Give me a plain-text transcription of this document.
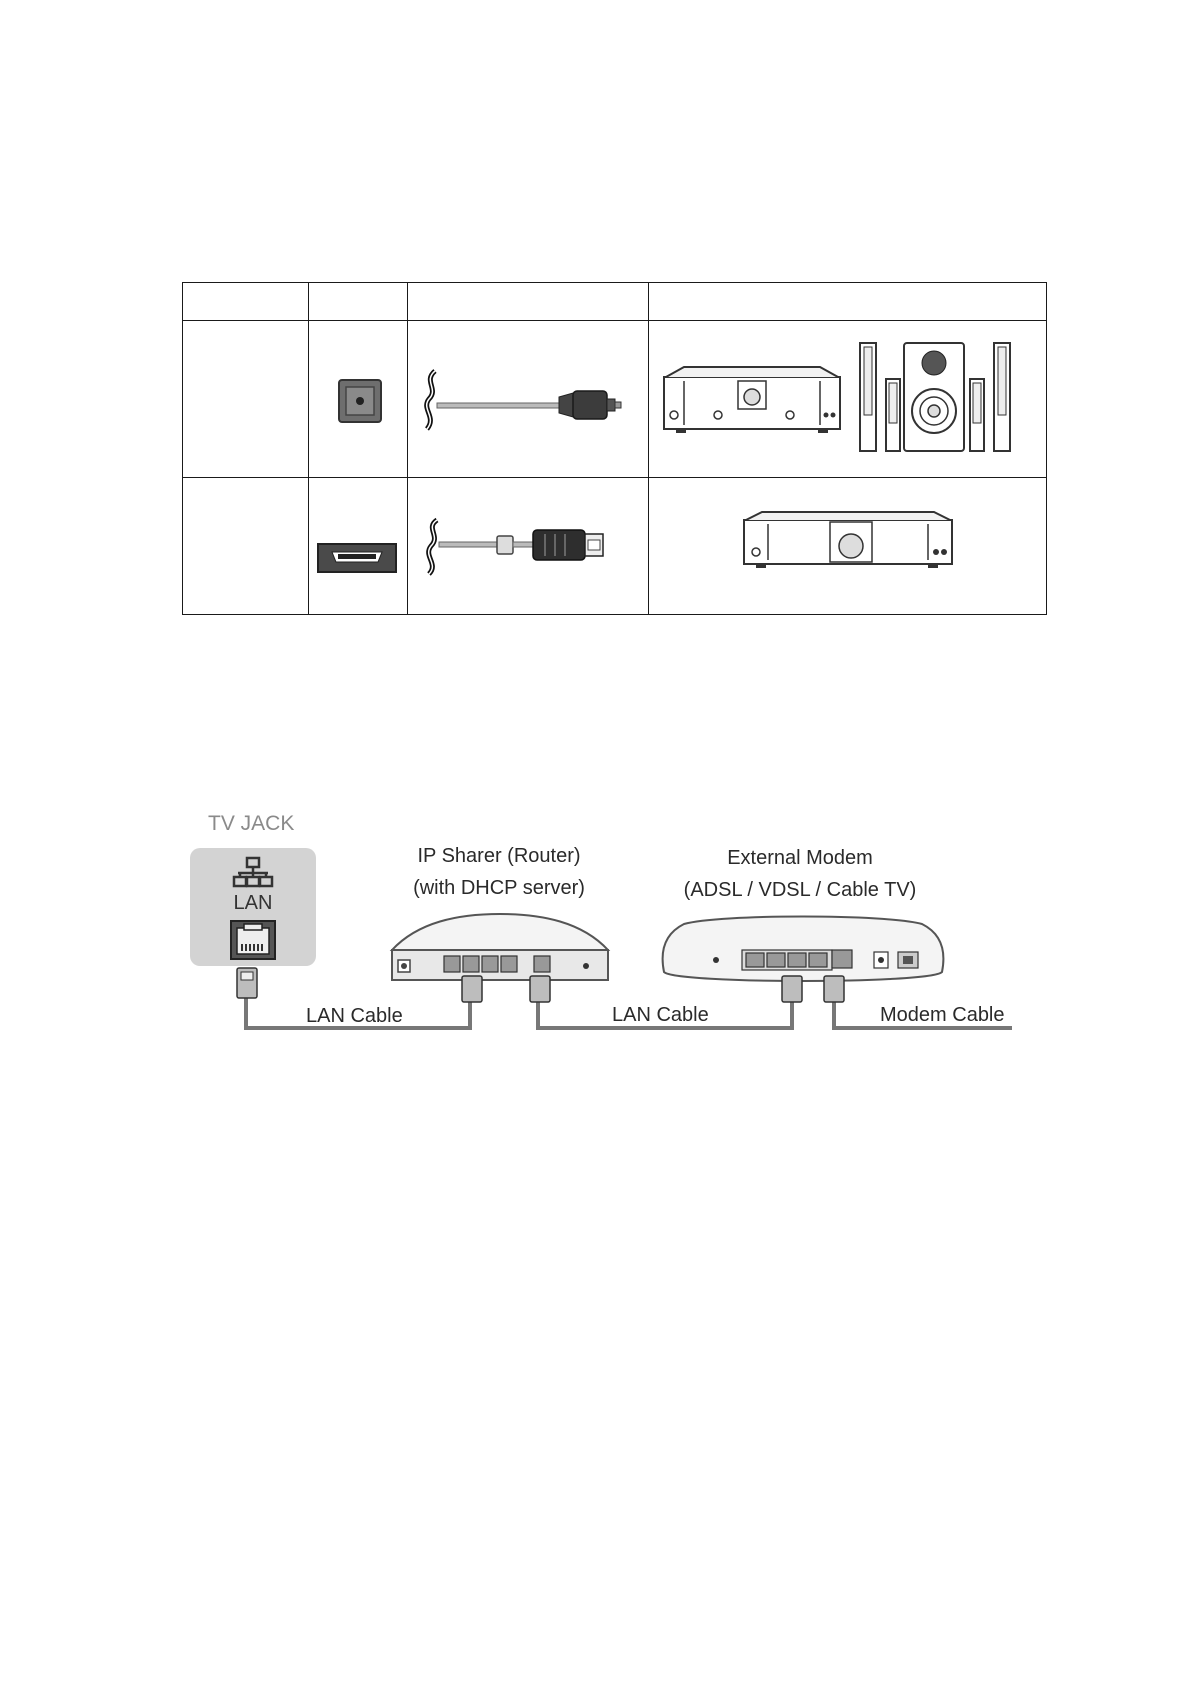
TV JACK
LAN
IP Sharer (Router)
(with DHCP server)
External Modem
(ADSL / VDSL / Cable TV)
LAN Cable	LAN Cable	Modem Cable
